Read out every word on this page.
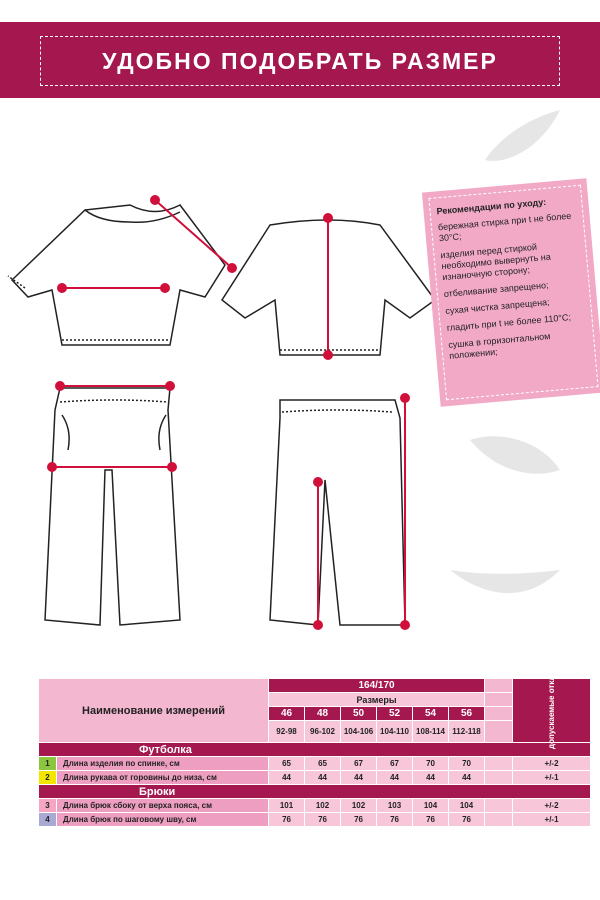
УДОБНО ПОДОБРАТЬ РАЗМЕР
Рекомендации по уходу:

бережная стирка при t не более 30°С;

изделия перед стиркой необходимо вывернуть на изнаночную сторону;

отбеливание запрещено;

сухая чистка запрещена;

гладить при t не более 110°С;

сушка в горизонтальном положении;

Наименование измерений		164/170							допускаемые отклонения

		Размеры							
		46	48	50	52	54	56		
		92-98	96-102	104-106	104-110	108-114	112-118		
Футболка									
1	Длина изделия по спинке, см	65	65	67	67	70	70		+/-2
2	Длина рукава от горовины до низа, см	44	44	44	44	44	44		+/-1
Брюки									
3	Длина брюк сбоку от верха пояса, см	101	102	102	103	104	104		+/-2
4	Длина брюк по шаговому шву, см	76	76	76	76	76	76		+/-1
